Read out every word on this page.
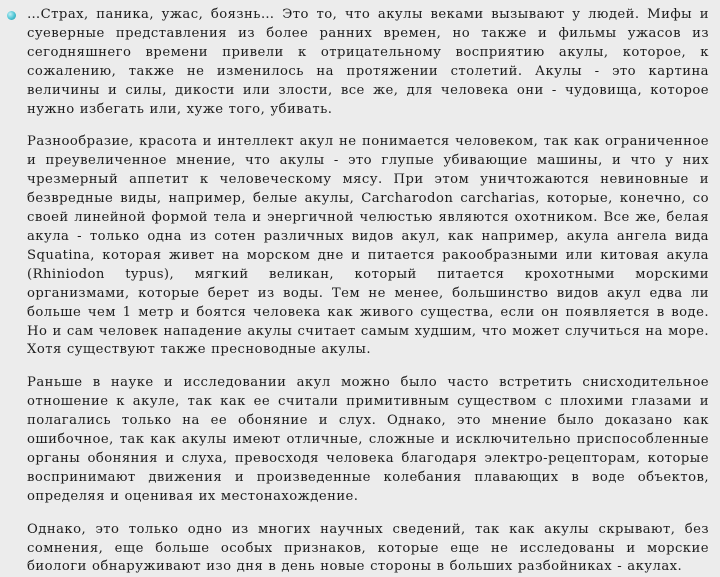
…Страх, паника, ужас, боязнь… Это то, что акулы веками вызывают у людей. Мифы и суеверные представления из более ранних времен, но также и фильмы ужасов из сегодняшнего времени привели к отрицательному восприятию акулы, которое, к сожалению, также не изменилось на протяжении столетий. Акулы - это картина величины и силы, дикости или злости, все же, для человека они - чудовища, которое нужно избегать или, хуже того, убивать.

Разнообразие, красота и интеллект акул не понимается человеком, так как ограниченное и преувеличенное мнение, что акулы - это глупые убивающие машины, и что у них чрезмерный аппетит к человеческому мясу. При этом уничтожаются невиновные и безвредные виды, например, белые акулы, Carcharodon carcharias, которые, конечно, со своей линейной формой тела и энергичной челюстью являются охотником. Все же, белая акула - только одна из сотен различных видов акул, как например, акула ангела вида Squatina, которая живет на морском дне и питается ракообразными или китовая акула (Rhiniodon typus), мягкий великан, который питается крохотными морскими организмами, которые берет из воды. Тем не менее, большинство видов акул едва ли больше чем 1 метр и боятся человека как живого существа, если он появляется в воде. Но и сам человек нападение акулы считает самым худшим, что может случиться на море. Хотя существуют также пресноводные акулы.

Раньше в науке и исследовании акул можно было часто встретить снисходительное отношение к акуле, так как ее считали примитивным существом с плохими глазами и полагались только на ее обоняние и слух. Однако, это мнение было доказано как ошибочное, так как акулы имеют отличные, сложные и исключительно приспособленные органы обоняния и слуха, превосходя человека благодаря электро-рецепторам, которые воспринимают движения и произведенные колебания плавающих в воде объектов, определяя и оценивая их местонахождение.

Однако, это только одно из многих научных сведений, так как акулы скрывают, без сомнения, еще больше особых признаков, которые еще не исследованы и морские биологи обнаруживают изо дня в день новые стороны в больших разбойниках - акулах.
